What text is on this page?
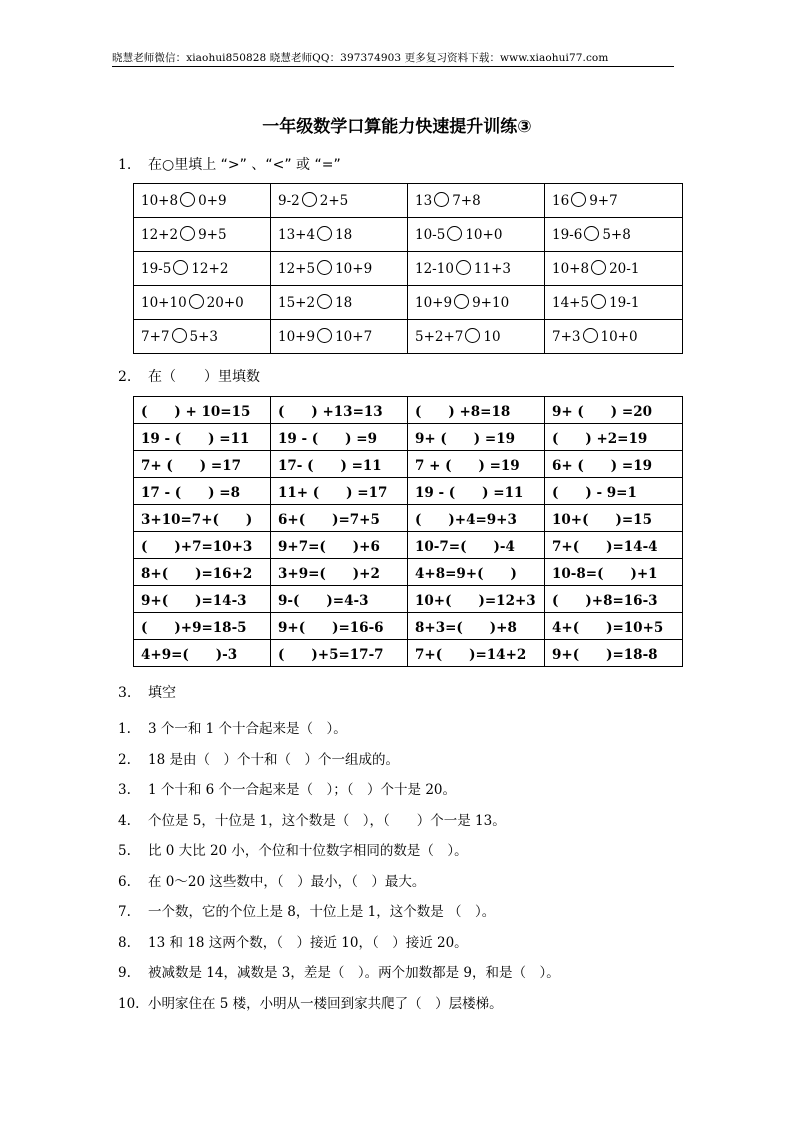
晓慧老师微信：xiaohui850828 晓慧老师QQ：397374903 更多复习资料下载：www.xiaohui77.com
一年级数学口算能力快速提升训练③
1. 在○里填上 “>” 、“<” 或 “=”
10+8 0+9	9-2 2+5	13 7+8	16 9+7
12+2 9+5	13+4 18	10-5 10+0	19-6 5+8
19-5 12+2	12+5 10+9	12-10 11+3	10+8 20-1
10+10 20+0	15+2 18	10+9 9+10	14+5 19-1
7+7 5+3	10+9 10+7	5+2+7 10	7+3 10+0
2. 在（　　）里填数
(　　) + 10=15	(　　) +13=13	(　　) +8=18	9+ (　　) =20
19 - (　　) =11	19 - (　　) =9	9+ (　　) =19	(　　) +2=19
7+ (　　) =17	17- (　　) =11	7 + (　　) =19	6+ (　　) =19
17 - (　　) =8	11+ (　　) =17	19 - (　　) =11	(　　) - 9=1
3+10=7+(　　)	6+(　　)=7+5	(　　)+4=9+3	10+(　　)=15
(　　)+7=10+3	9+7=(　　)+6	10-7=(　　)-4	7+(　　)=14-4
8+(　　)=16+2	3+9=(　　)+2	4+8=9+(　　)	10-8=(　　)+1
9+(　　)=14-3	9-(　　)=4-3	10+(　　)=12+3	(　　)+8=16-3
(　　)+9=18-5	9+(　　)=16-6	8+3=(　　)+8	4+(　　)=10+5
4+9=(　　)-3	(　　)+5=17-7	7+(　　)=14+2	9+(　　)=18-8
3. 填空
1. 3 个一和 1 个十合起来是（　）。
2. 18 是由（　）个十和（　）个一组成的。
3. 1 个十和 6 个一合起来是（　）；（　）个十是 20。
4. 个位是 5，十位是 1，这个数是（　），（　　）个一是 13。
5. 比 0 大比 20 小，个位和十位数字相同的数是（　）。
6. 在 0～20 这些数中，（　）最小，（　）最大。
7. 一个数，它的个位上是 8，十位上是 1，这个数是 （　）。
8. 13 和 18 这两个数，（　）接近 10，（　）接近 20。
9. 被减数是 14，减数是 3，差是（　）。两个加数都是 9，和是（　）。
10. 小明家住在 5 楼，小明从一楼回到家共爬了（　）层楼梯。
